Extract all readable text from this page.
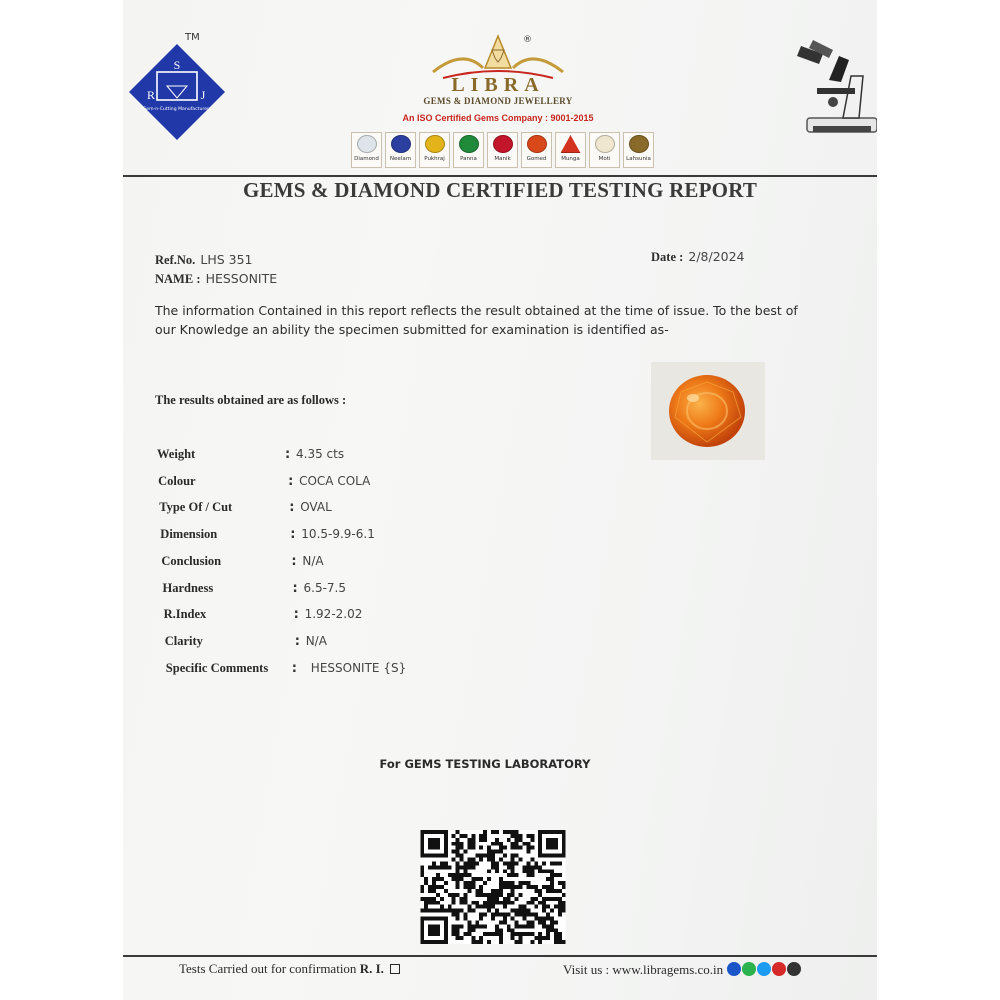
S
R	J
Gem-n-Cutting Manufacturers
TM	®
LIBRA
GEMS & DIAMOND JEWELLERY
An ISO Certified Gems Company : 9001-2015
Diamond Neelam Pukhraj	Panna	Manik	Gomed	Munga	Moti	Lahsunia
GEMS & DIAMOND CERTIFIED TESTING REPORT
Ref.No. LHS 351
NAME : HESSONITE
Date : 2/8/2024
The information Contained in this report reflects the result obtained at the time of issue. To the best of our Knowledge an ability the specimen submitted for examination is identified as-
The results obtained are as follows :
Weight	: 4.35 cts
Colour	: COCA COLA
Type Of / Cut	: OVAL
Dimension	: 10.5-9.9-6.1
Conclusion	: N/A
Hardness	: 6.5-7.5
R.Index	: 1.92-2.02
Clarity	: N/A
Specific Comments : HESSONITE {S}
For GEMS TESTING LABORATORY
Tests Carried out for confirmation R. I.	Visit us : www.libragems.co.in
